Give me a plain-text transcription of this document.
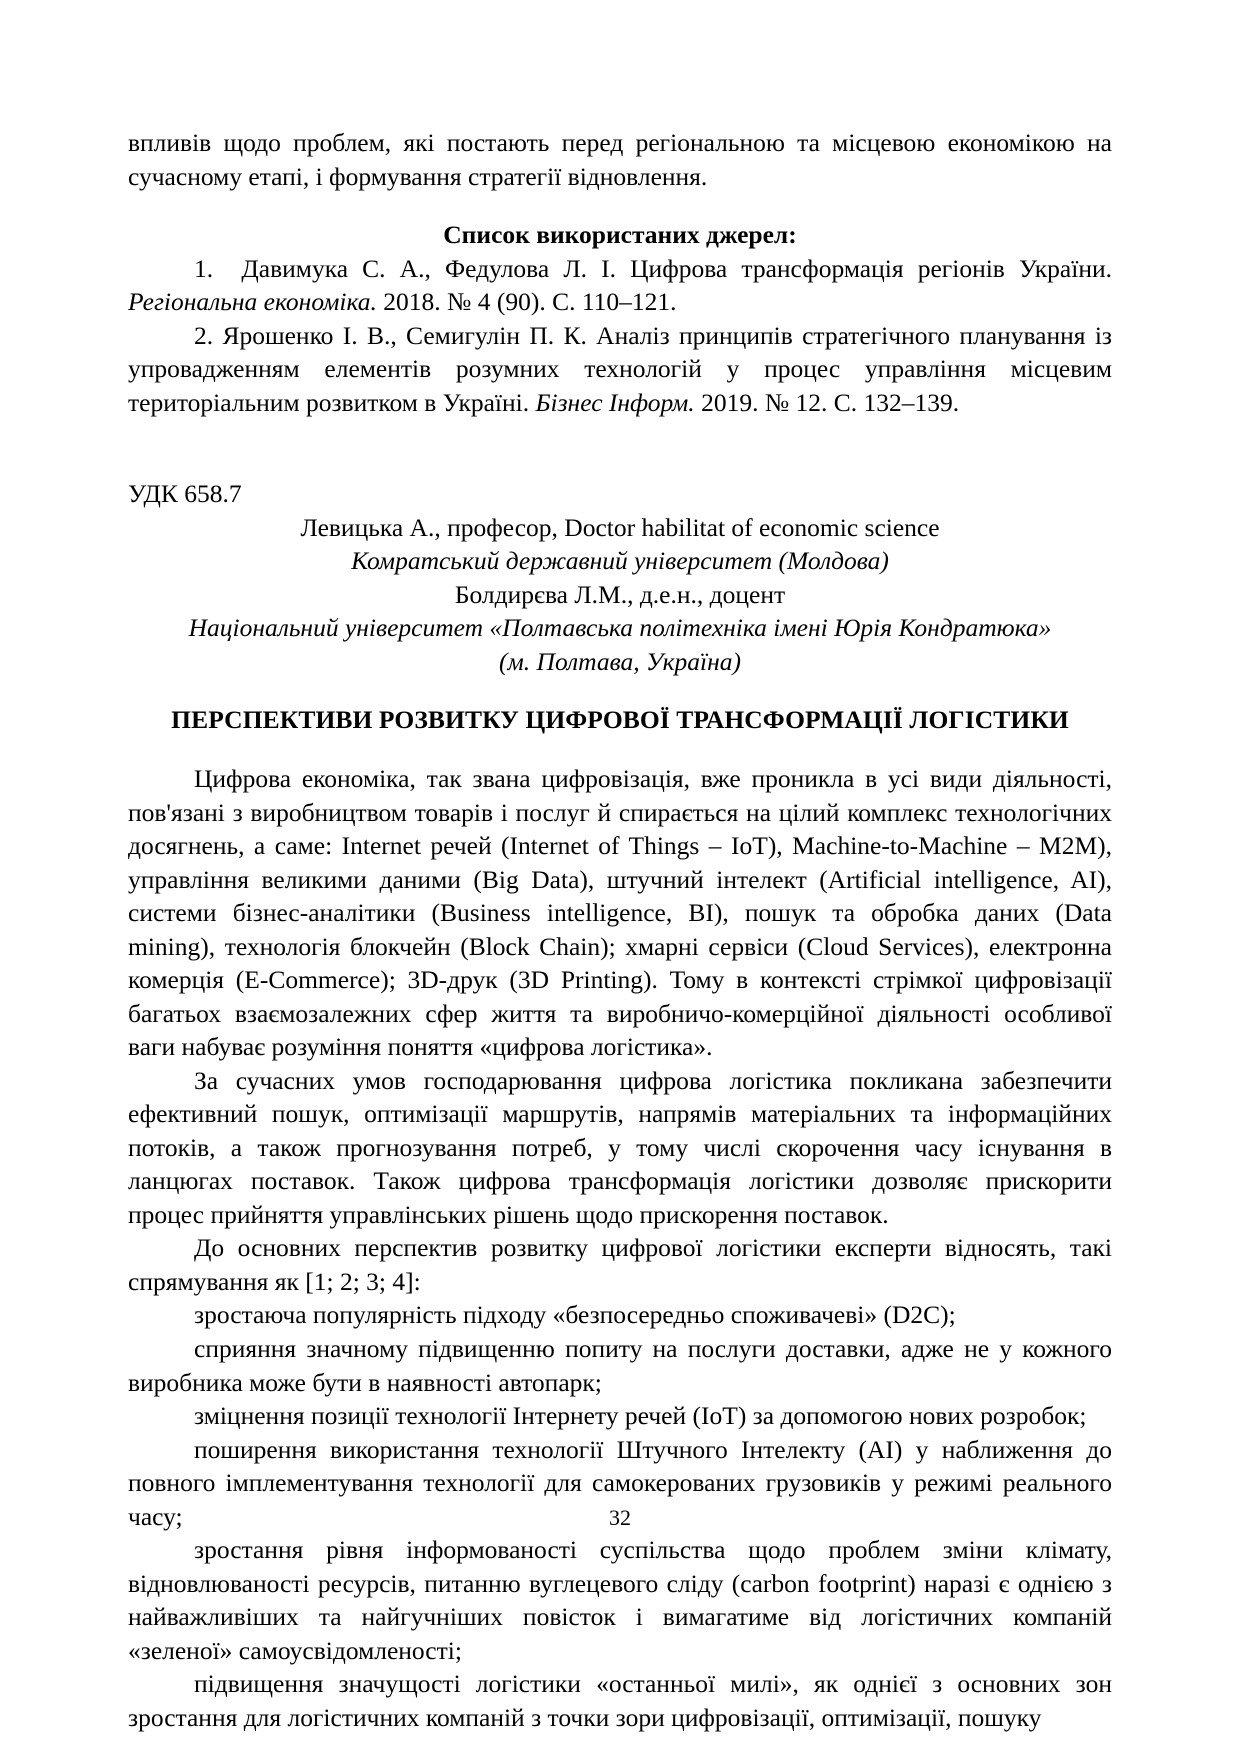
впливів щодо проблем, які постають перед регіональною та місцевою економікою на сучасному етапі, і формування стратегії відновлення.

Список використаних джерел:

1. Давимука С. А., Федулова Л. І. Цифрова трансформація регіонів України. Регіональна економіка. 2018. № 4 (90). С. 110–121.

2. Ярошенко І. В., Семигулін П. К. Аналіз принципів стратегічного планування із упровадженням елементів розумних технологій у процес управління місцевим територіальним розвитком в Україні. Бізнес Інформ. 2019. № 12. С. 132–139.

УДК 658.7

Левицька А., професор, Doctor habilitat of economic science

Комратський державний університет (Молдова)

Болдирєва Л.М., д.е.н., доцент

Національний університет «Полтавська політехніка імені Юрія Кондратюка»

(м. Полтава, Україна)

ПЕРСПЕКТИВИ РОЗВИТКУ ЦИФРОВОЇ ТРАНСФОРМАЦІЇ ЛОГІСТИКИ

Цифрова економіка, так звана цифровізація, вже проникла в усі види діяльності, пов'язані з виробництвом товарів і послуг й спирається на цілий комплекс технологічних досягнень, а саме: Internet речей (Internet of Things – IoT), Machine-to-Machine – M2M), управління великими даними (Big Data), штучний інтелект (Artificial intelligence, AI), системи бізнес-аналітики (Business intelligence, BI), пошук та обробка даних (Data mining), технологія блокчейн (Block Chain); хмарні сервіси (Cloud Services), електронна комерція (E-Commerce); 3D-друк (3D Printing). Тому в контексті стрімкої цифровізації багатьох взаємозалежних сфер життя та виробничо-комерційної діяльності особливої ваги набуває розуміння поняття «цифрова логістика».

За сучасних умов господарювання цифрова логістика покликана забезпечити ефективний пошук, оптимізації маршрутів, напрямів матеріальних та інформаційних потоків, а також прогнозування потреб, у тому числі скорочення часу існування в ланцюгах поставок. Також цифрова трансформація логістики дозволяє прискорити процес прийняття управлінських рішень щодо прискорення поставок.

До основних перспектив розвитку цифрової логістики експерти відносять, такі спрямування як [1; 2; 3; 4]:

зростаюча популярність підходу «безпосередньо споживачеві» (D2C);

сприяння значному підвищенню попиту на послуги доставки, адже не у кожного виробника може бути в наявності автопарк;

зміцнення позиції технології Інтернету речей (IoT) за допомогою нових розробок;

поширення використання технології Штучного Інтелекту (AI) у наближення до повного імплементування технології для самокерованих грузовиків у режимі реального часу;

зростання рівня інформованості суспільства щодо проблем зміни клімату, відновлюваності ресурсів, питанню вуглецевого сліду (carbon footprint) наразі є однією з найважливіших та найгучніших повісток і вимагатиме від логістичних компаній «зеленої» самоусвідомленості;

підвищення значущості логістики «останньої милі», як однієї з основних зон зростання для логістичних компаній з точки зори цифровізації, оптимізації, пошуку

32
